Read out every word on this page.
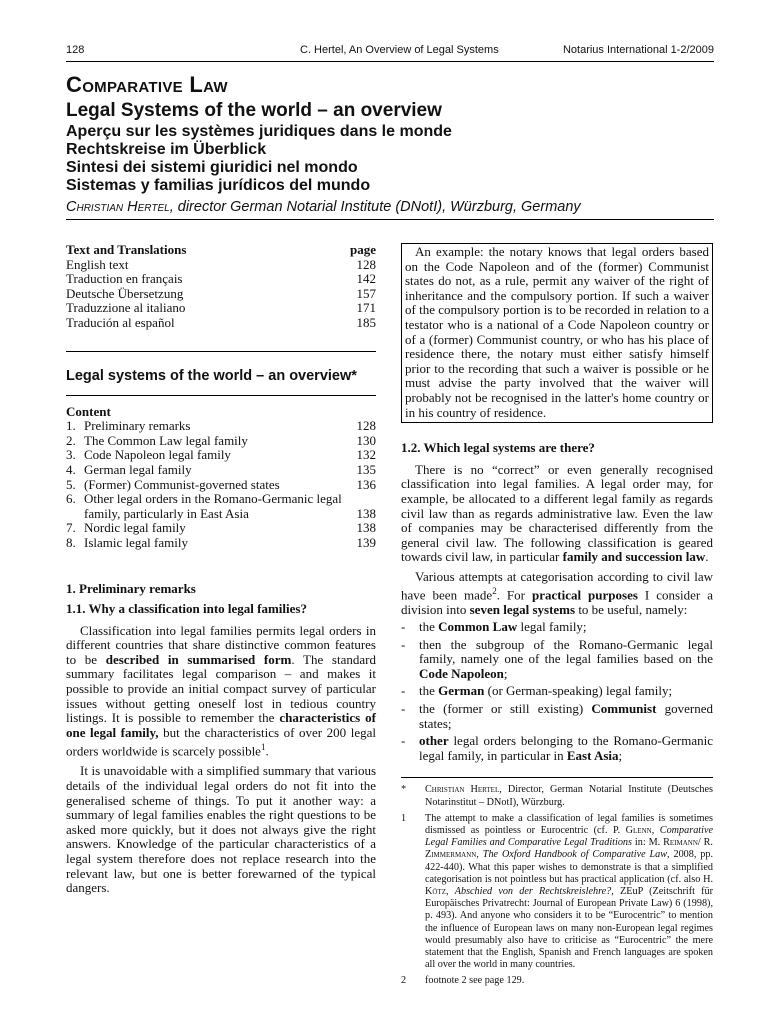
128	C. Hertel, An Overview of Legal Systems	Notarius International 1-2/2009
Comparative Law
Legal Systems of the world – an overview
Aperçu sur les systèmes juridiques dans le monde
Rechtskreise im Überblick
Sintesi dei sistemi giuridici nel mondo
Sistemas y familias jurídicos del mundo
Christian Hertel, director German Notarial Institute (DNotI), Würzburg, Germany
Text and Translations	page
English text	128
Traduction en français	142
Deutsche Übersetzung	157
Traduzzione al italiano	171
Tradución al español	185
Legal systems of the world – an overview*
Content
1. Preliminary remarks	128
2. The Common Law legal family	130
3. Code Napoleon legal family	132
4. German legal family	135
5. (Former) Communist-governed states	136
6. Other legal orders in the Romano-Germanic legal family, particularly in East Asia	138
7. Nordic legal family	138
8. Islamic legal family	139
1. Preliminary remarks
1.1. Why a classification into legal families?

Classification into legal families permits legal orders in different countries that share distinctive common features to be described in summarised form. The standard summary facilitates legal comparison – and makes it possible to provide an initial compact survey of particular issues without getting oneself lost in tedious country listings. It is possible to remember the characteristics of one legal family, but the characteristics of over 200 legal orders worldwide is scarcely possible$^1$.

It is unavoidable with a simplified summary that various details of the individual legal orders do not fit into the generalised scheme of things. To put it another way: a summary of legal families enables the right questions to be asked more quickly, but it does not always give the right answers. Knowledge of the particular characteristics of a legal system therefore does not replace research into the relevant law, but one is better forewarned of the typical dangers.

An example: the notary knows that legal orders based on the Code Napoleon and of the (former) Communist states do not, as a rule, permit any waiver of the right of inheritance and the compulsory portion. If such a waiver of the compulsory portion is to be recorded in relation to a testator who is a national of a Code Napoleon country or of a (former) Communist country, or who has his place of residence there, the notary must either satisfy himself prior to the recording that such a waiver is possible or he must advise the party involved that the waiver will probably not be recognised in the latter's home country or in his country of residence.
1.2. Which legal systems are there?

There is no “correct” or even generally recognised classification into legal families. A legal order may, for example, be allocated to a different legal family as regards civil law than as regards administrative law. Even the law of companies may be characterised differently from the general civil law. The following classification is geared towards civil law, in particular family and succession law.

Various attempts at categorisation according to civil law have been made$^2$. For practical purposes I consider a division into seven legal systems to be useful, namely:

-	the Common Law legal family;
-	then the subgroup of the Romano-Germanic legal family, namely one of the legal families based on the Code Napoleon;
-	the German (or German-speaking) legal family;
-	the (former or still existing) Communist governed states;
-	other legal orders belonging to the Romano-Germanic legal family, in particular in East Asia;
*	Christian Hertel, Director, German Notarial Institute (Deutsches Notarinstitut – DNotI), Würzburg.
1	The attempt to make a classification of legal families is sometimes dismissed as pointless or Eurocentric (cf. P. Glenn, Comparative Legal Families and Comparative Legal Traditions in: M. Reimann/ R. Zimmermann, The Oxford Handbook of Comparative Law, 2008, pp. 422-440). What this paper wishes to demonstrate is that a simplified categorisation is not pointless but has practical application (cf. also H. Kötz, Abschied von der Rechtskreislehre?, ZEuP (Zeitschrift für Europäisches Privatrecht: Journal of European Private Law) 6 (1998), p. 493). And anyone who considers it to be “Eurocentric” to mention the influence of European laws on many non-European legal regimes would presumably also have to criticise as “Eurocentric” the mere statement that the English, Spanish and French languages are spoken all over the world in many countries.
2	footnote 2 see page 129.
